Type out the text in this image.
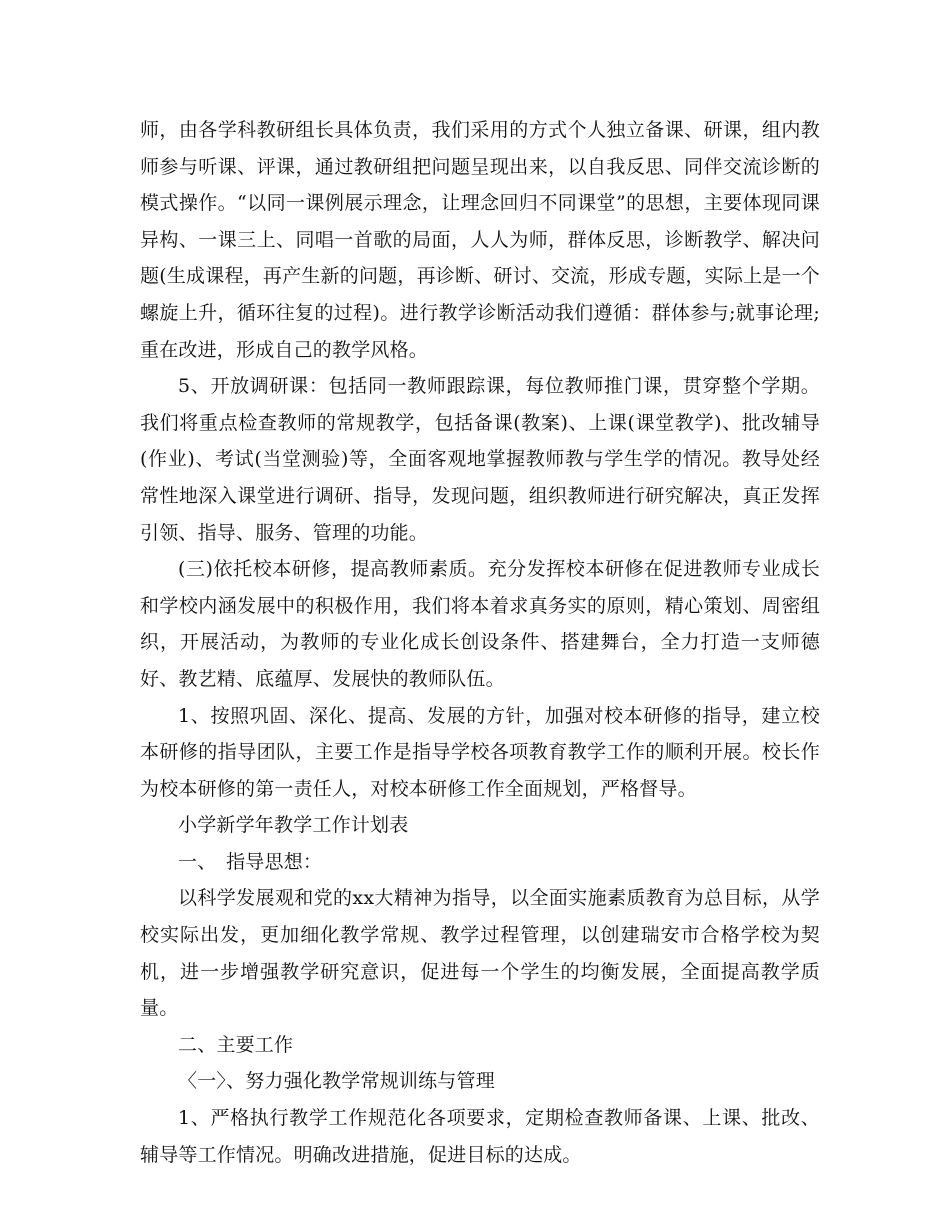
师，由各学科教研组长具体负责，我们采用的方式个人独立备课、研课，组内教师参与听课、评课，通过教研组把问题呈现出来，以自我反思、同伴交流诊断的模式操作。“以同一课例展示理念，让理念回归不同课堂”的思想，主要体现同课异构、一课三上、同唱一首歌的局面，人人为师，群体反思，诊断教学、解决问题(生成课程，再产生新的问题，再诊断、研讨、交流，形成专题，实际上是一个螺旋上升，循环往复的过程)。进行教学诊断活动我们遵循：群体参与;就事论理;重在改进，形成自己的教学风格。

5、开放调研课：包括同一教师跟踪课，每位教师推门课，贯穿整个学期。我们将重点检查教师的常规教学，包括备课(教案)、上课(课堂教学)、批改辅导(作业)、考试(当堂测验)等，全面客观地掌握教师教与学生学的情况。教导处经常性地深入课堂进行调研、指导，发现问题，组织教师进行研究解决，真正发挥引领、指导、服务、管理的功能。

(三)依托校本研修，提高教师素质。充分发挥校本研修在促进教师专业成长和学校内涵发展中的积极作用，我们将本着求真务实的原则，精心策划、周密组织，开展活动，为教师的专业化成长创设条件、搭建舞台，全力打造一支师德好、教艺精、底蕴厚、发展快的教师队伍。

1、按照巩固、深化、提高、发展的方针，加强对校本研修的指导，建立校本研修的指导团队，主要工作是指导学校各项教育教学工作的顺利开展。校长作为校本研修的第一责任人，对校本研修工作全面规划，严格督导。

小学新学年教学工作计划表

一、　指导思想：

以科学发展观和党的xx大精神为指导，以全面实施素质教育为总目标，从学校实际出发，更加细化教学常规、教学过程管理，以创建瑞安市合格学校为契机，进一步增强教学研究意识，促进每一个学生的均衡发展，全面提高教学质量。

二、主要工作

〈一〉、努力强化教学常规训练与管理

1、严格执行教学工作规范化各项要求，定期检查教师备课、上课、批改、辅导等工作情况。明确改进措施，促进目标的达成。
